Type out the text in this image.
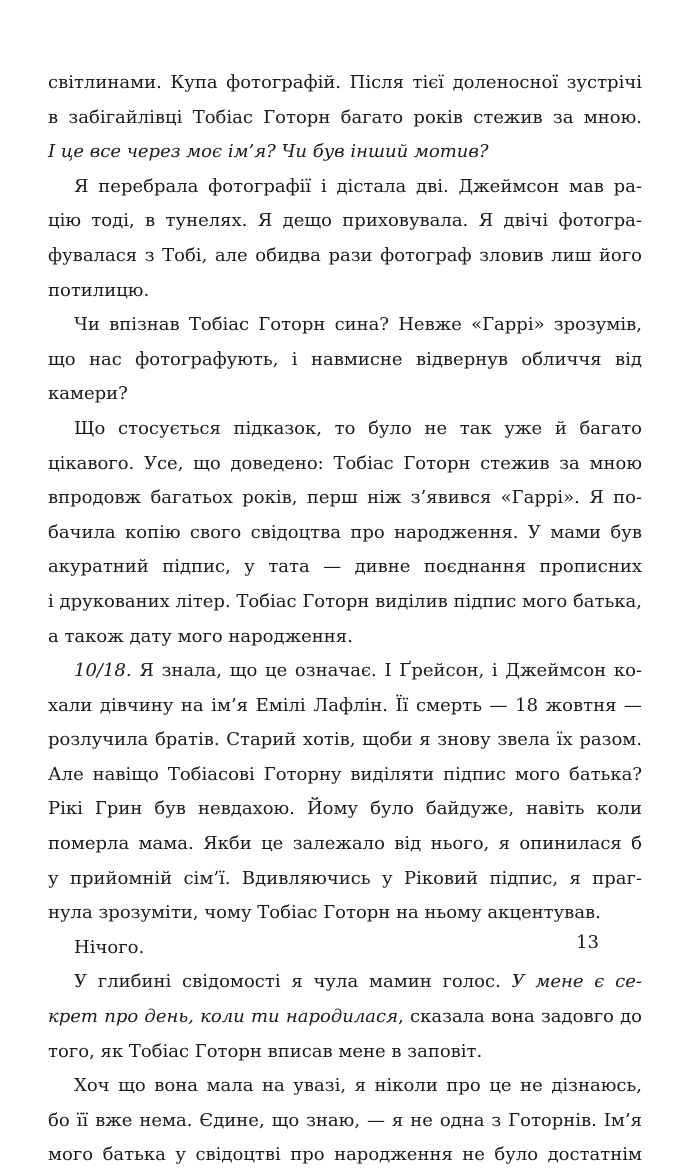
світлинами. Купа фотографій. Після тієї доленосної зустрічі
в забігайлівці Тобіас Готорн багато років стежив за мною.
І це все через моє ім’я? Чи був інший мотив?
Я перебрала фотографії і дістала дві. Джеймсон мав ра-
цію тоді, в тунелях. Я дещо приховувала. Я двічі фотогра-
фувалася з Тобі, але обидва рази фотограф зловив лиш його
потилицю.
Чи впізнав Тобіас Готорн сина? Невже «Гаррі» зрозумів,
що нас фотографують, і навмисне відвернув обличчя від
камери?
Що стосується підказок, то було не так уже й багато
цікавого. Усе, що доведено: Тобіас Готорн стежив за мною
впродовж багатьох років, перш ніж з’явився «Гаррі». Я по-
бачила копію свого свідоцтва про народження. У мами був
акуратний підпис, у тата — дивне поєднання прописних
і друкованих літер. Тобіас Готорн виділив підпис мого батька,
а також дату мого народження.
10/18. Я знала, що це означає. І Ґрейсон, і Джеймсон ко-
хали дівчину на ім’я Емілі Лафлін. Її смерть — 18 жовтня —
розлучила братів. Старий хотів, щоби я знову звела їх разом.
Але навіщо Тобіасові Готорну виділяти підпис мого батька?
Рікі Грин був невдахою. Йому було байдуже, навіть коли
померла мама. Якби це залежало від нього, я опинилася б
у прийомній сім’ї. Вдивляючись у Ріковий підпис, я праг-
нула зрозуміти, чому Тобіас Готорн на ньому акцентував.
Нічого.
У глибині свідомості я чула мамин голос. У мене є се-
крет про день, коли ти народилася, сказала вона задовго до
того, як Тобіас Готорн вписав мене в заповіт.
Хоч що вона мала на увазі, я ніколи про це не дізнаюсь,
бо її вже нема. Єдине, що знаю, — я не одна з Готорнів. Ім’я
мого батька у свідоцтві про народження не було достатнім
13
